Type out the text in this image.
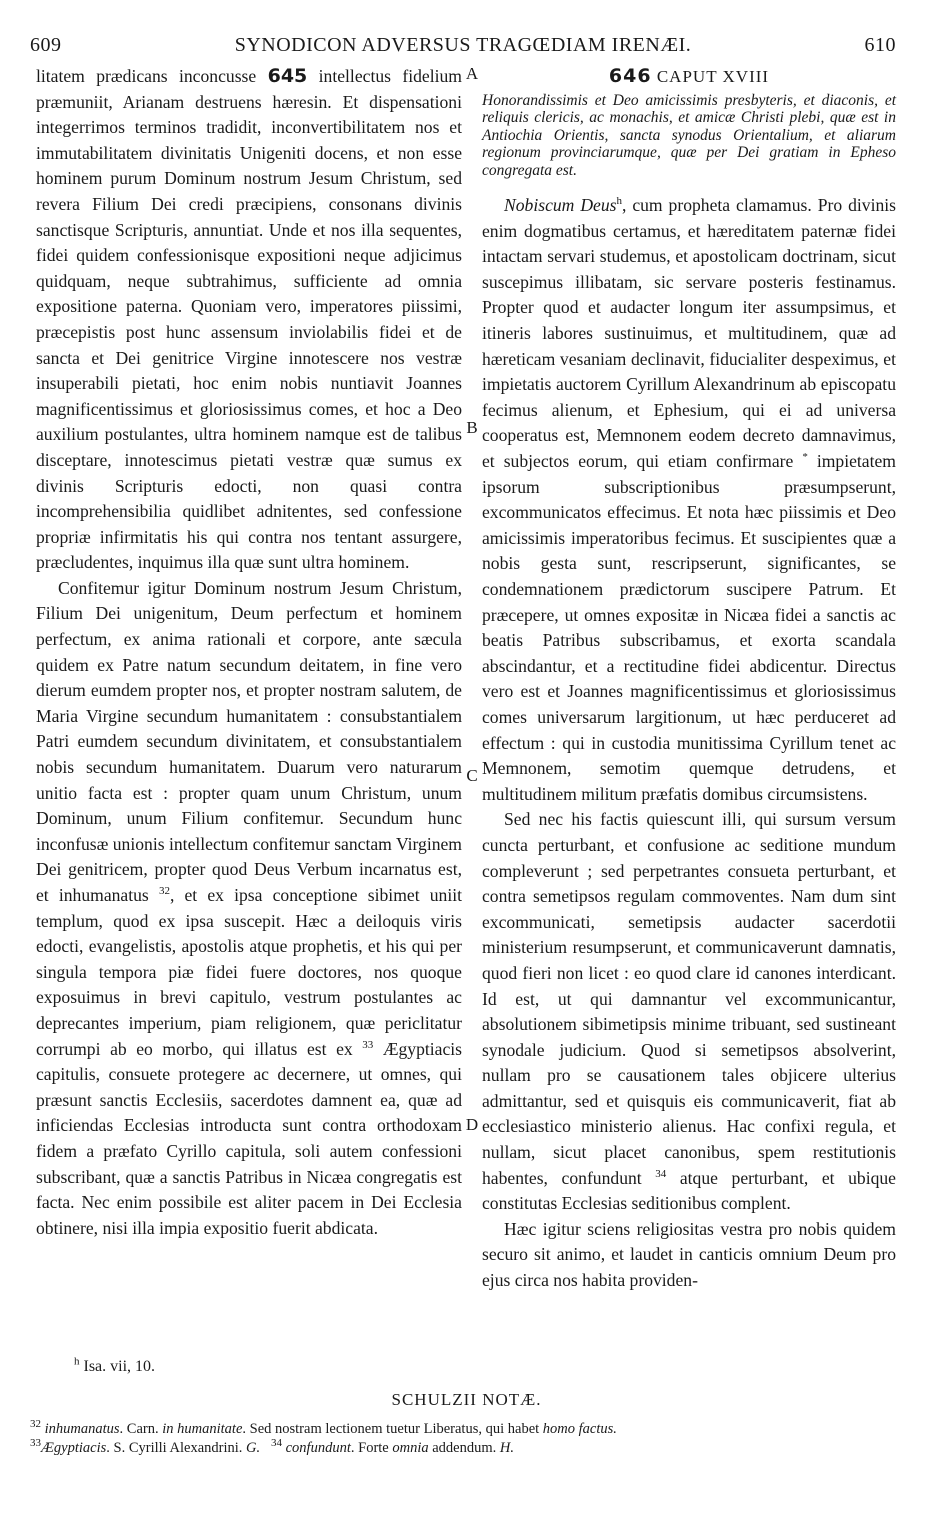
609	SYNODICON ADVERSUS TRAGŒDIAM IRENÆI.	610

litatem prædicans inconcusse 645 intellectus fidelium præmuniit, Arianam destruens hæresin. Et dispensationi integerrimos terminos tradidit, inconvertibilitatem nos et immutabilitatem divinitatis Unigeniti docens, et non esse hominem purum Dominum nostrum Jesum Christum, sed revera Filium Dei credi præcipiens, consonans divinis sanctisque Scripturis, annuntiat. Unde et nos illa sequentes, fidei quidem confessionisque expositioni neque adjicimus quidquam, neque subtrahimus, sufficiente ad omnia expositione paterna. Quoniam vero, imperatores piissimi, præcepistis post hunc assensum inviolabilis fidei et de sancta et Dei genitrice Virgine innotescere nos vestræ insuperabili pietati, hoc enim nobis nuntiavit Joannes magnificentissimus et gloriosissimus comes, et hoc a Deo auxilium postulantes, ultra hominem namque est de talibus disceptare, innotescimus pietati vestræ quæ sumus ex divinis Scripturis edocti, non quasi contra incomprehensibilia quidlibet adnitentes, sed confessione propriæ infirmitatis his qui contra nos tentant assurgere, præcludentes, inquimus illa quæ sunt ultra hominem.

Confitemur igitur Dominum nostrum Jesum Christum, Filium Dei unigenitum, Deum perfectum et hominem perfectum, ex anima rationali et corpore, ante sæcula quidem ex Patre natum secundum deitatem, in fine vero dierum eumdem propter nos, et propter nostram salutem, de Maria Virgine secundum humanitatem : consubstantialem Patri eumdem secundum divinitatem, et consubstantialem nobis secundum humanitatem. Duarum vero naturarum unitio facta est : propter quam unum Christum, unum Dominum, unum Filium confitemur. Secundum hunc inconfusæ unionis intellectum confitemur sanctam Virginem Dei genitricem, propter quod Deus Verbum incarnatus est, et inhumanatus $^{32}$, et ex ipsa conceptione sibimet uniit templum, quod ex ipsa suscepit. Hæc a deiloquis viris edocti, evangelistis, apostolis atque prophetis, et his qui per singula tempora piæ fidei fuere doctores, nos quoque exposuimus in brevi capitulo, vestrum postulantes ac deprecantes imperium, piam religionem, quæ periclitatur corrumpi ab eo morbo, qui illatus est ex $^{33}$ Ægyptiacis capitulis, consuete protegere ac decernere, ut omnes, qui præsunt sanctis Ecclesiis, sacerdotes damnent ea, quæ ad inficiendas Ecclesias introducta sunt contra orthodoxam fidem a præfato Cyrillo capitula, soli autem confessioni subscribant, quæ a sanctis Patribus in Nicæa congregatis est facta. Nec enim possibile est aliter pacem in Dei Ecclesia obtinere, nisi illa impia expositio fuerit abdicata.

A
B
C
D

646 CAPUT XVIII

Honorandissimis et Deo amicissimis presbyteris, et diaconis, et reliquis clericis, ac monachis, et amicæ Christi plebi, quæ est in Antiochia Orientis, sancta synodus Orientalium, et aliarum regionum provinciarumque, quæ per Dei gratiam in Epheso congregata est.

Nobiscum Deus$^h$, cum propheta clamamus. Pro divinis enim dogmatibus certamus, et hæreditatem paternæ fidei intactam servari studemus, et apostolicam doctrinam, sicut suscepimus illibatam, sic servare posteris festinamus. Propter quod et audacter longum iter assumpsimus, et itineris labores sustinuimus, et multitudinem, quæ ad hæreticam vesaniam declinavit, fiducialiter despeximus, et impietatis auctorem Cyrillum Alexandrinum ab episcopatu fecimus alienum, et Ephesium, qui ei ad universa cooperatus est, Memnonem eodem decreto damnavimus, et subjectos eorum, qui etiam confirmare * impietatem ipsorum subscriptionibus præsumpserunt, excommunicatos effecimus. Et nota hæc piissimis et Deo amicissimis imperatoribus fecimus. Et suscipientes quæ a nobis gesta sunt, rescripserunt, significantes, se condemnationem prædictorum suscipere Patrum. Et præcepere, ut omnes expositæ in Nicæa fidei a sanctis ac beatis Patribus subscribamus, et exorta scandala abscindantur, et a rectitudine fidei abdicentur. Directus vero est et Joannes magnificentissimus et gloriosissimus comes universarum largitionum, ut hæc perduceret ad effectum : qui in custodia munitissima Cyrillum tenet ac Memnonem, semotim quemque detrudens, et multitudinem militum præfatis domibus circumsistens.

Sed nec his factis quiescunt illi, qui sursum versum cuncta perturbant, et confusione ac seditione mundum compleverunt ; sed perpetrantes consueta perturbant, et contra semetipsos regulam commoventes. Nam dum sint excommunicati, semetipsis audacter sacerdotii ministerium resumpserunt, et communicaverunt damnatis, quod fieri non licet : eo quod clare id canones interdicant. Id est, ut qui damnantur vel excommunicantur, absolutionem sibimetipsis minime tribuant, sed sustineant synodale judicium. Quod si semetipsos absolverint, nullam pro se causationem tales objicere ulterius admittantur, sed et quisquis eis communicaverit, fiat ab ecclesiastico ministerio alienus. Hac confixi regula, et nullam, sicut placet canonibus, spem restitutionis habentes, confundunt $^{34}$ atque perturbant, et ubique constitutas Ecclesias seditionibus complent.

Hæc igitur sciens religiositas vestra pro nobis quidem securo sit animo, et laudet in canticis omnium Deum pro ejus circa nos habita providen-

$^h$ Isa. vii, 10.
SCHULZII NOTÆ.

$^{32}$ inhumanatus. Carn. in humanitate. Sed nostram lectionem tuetur Liberatus, qui habet homo factus.

$^{33}$Ægyptiacis. S. Cyrilli Alexandrini. G. $^{34}$ confundunt. Forte omnia addendum. H.
